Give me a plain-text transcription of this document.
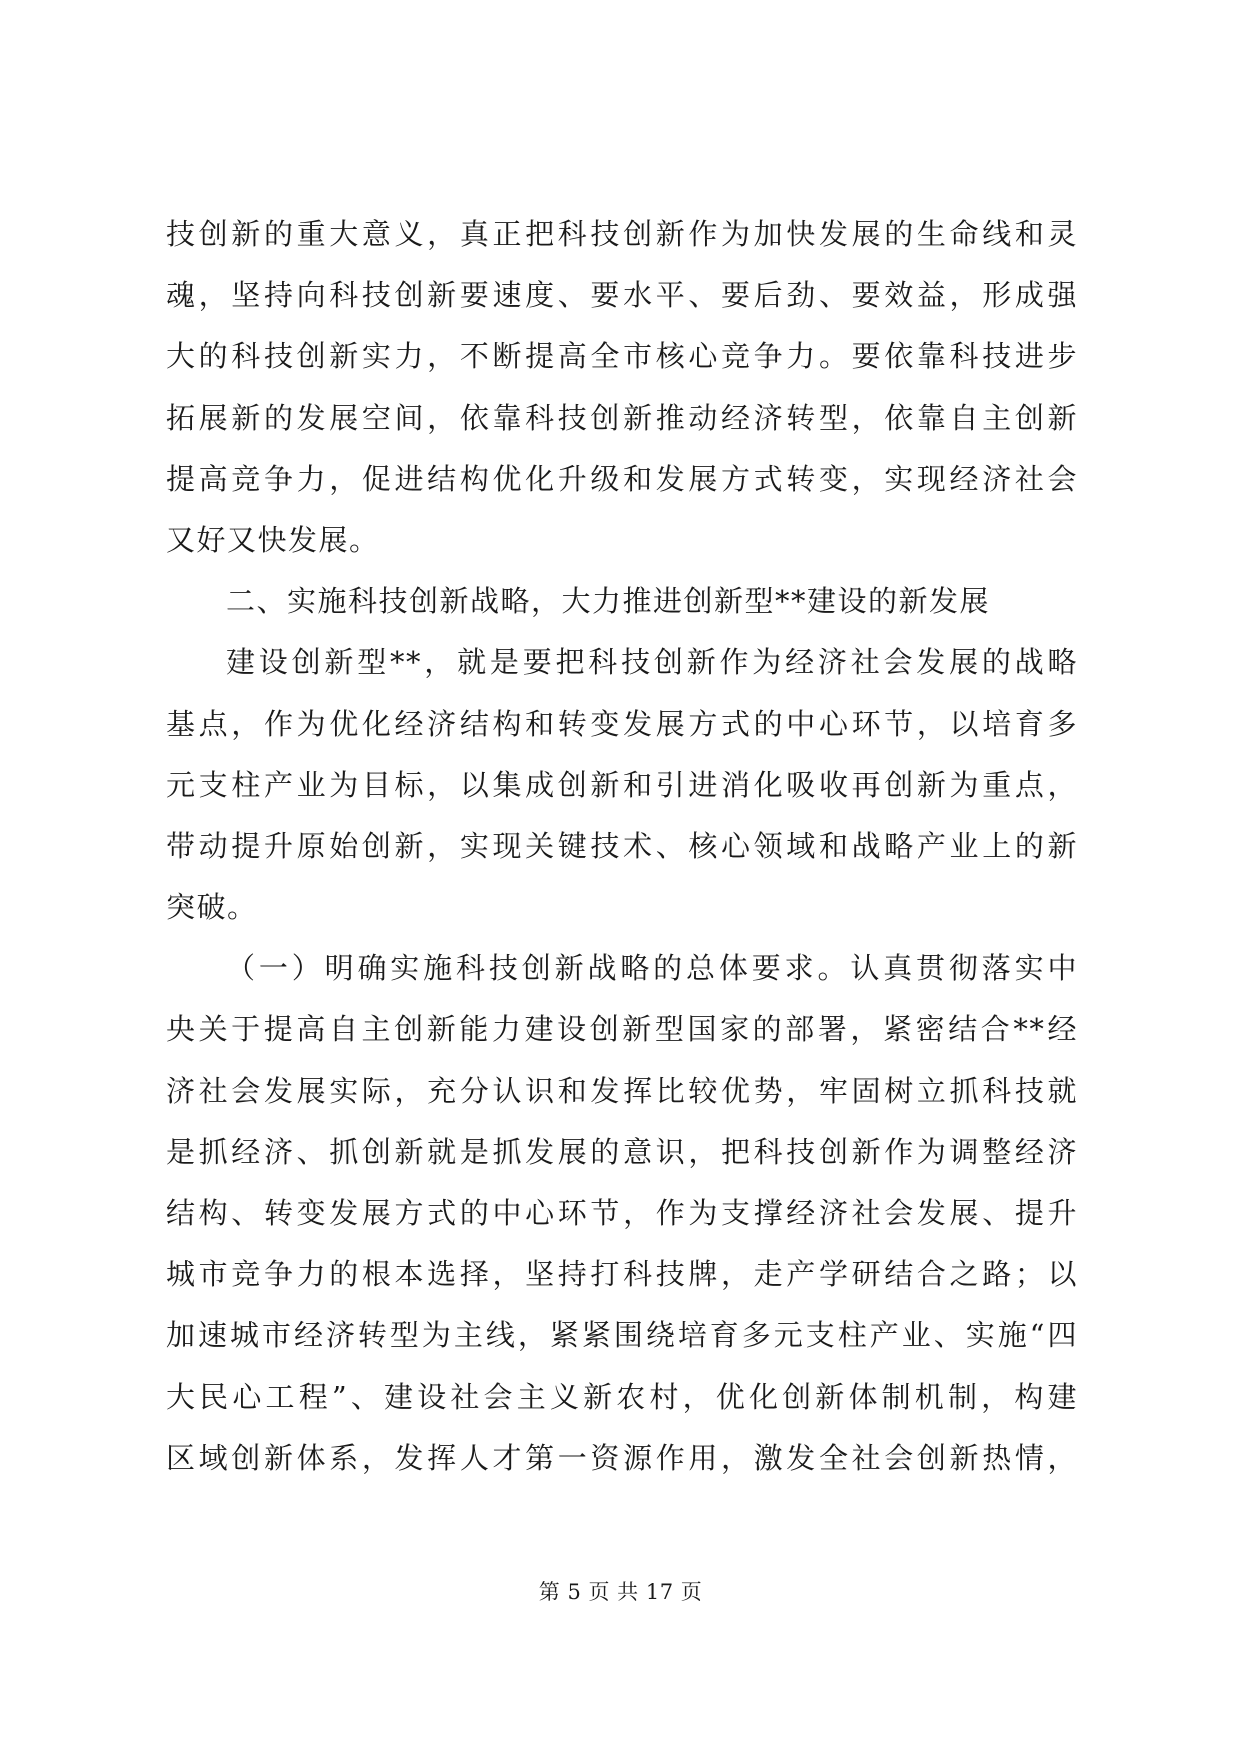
技创新的重大意义，真正把科技创新作为加快发展的生命线和灵
魂，坚持向科技创新要速度、要水平、要后劲、要效益，形成强
大的科技创新实力，不断提高全市核心竞争力。要依靠科技进步
拓展新的发展空间，依靠科技创新推动经济转型，依靠自主创新
提高竞争力，促进结构优化升级和发展方式转变，实现经济社会
又好又快发展。
二、实施科技创新战略，大力推进创新型**建设的新发展
建设创新型**，就是要把科技创新作为经济社会发展的战略
基点，作为优化经济结构和转变发展方式的中心环节，以培育多
元支柱产业为目标，以集成创新和引进消化吸收再创新为重点，
带动提升原始创新，实现关键技术、核心领域和战略产业上的新
突破。
（一）明确实施科技创新战略的总体要求。认真贯彻落实中
央关于提高自主创新能力建设创新型国家的部署，紧密结合**经
济社会发展实际，充分认识和发挥比较优势，牢固树立抓科技就
是抓经济、抓创新就是抓发展的意识，把科技创新作为调整经济
结构、转变发展方式的中心环节，作为支撑经济社会发展、提升
城市竞争力的根本选择，坚持打科技牌，走产学研结合之路；以
加速城市经济转型为主线，紧紧围绕培育多元支柱产业、实施“四
大民心工程”、建设社会主义新农村，优化创新体制机制，构建
区域创新体系，发挥人才第一资源作用，激发全社会创新热情，
第 5 页 共 17 页
